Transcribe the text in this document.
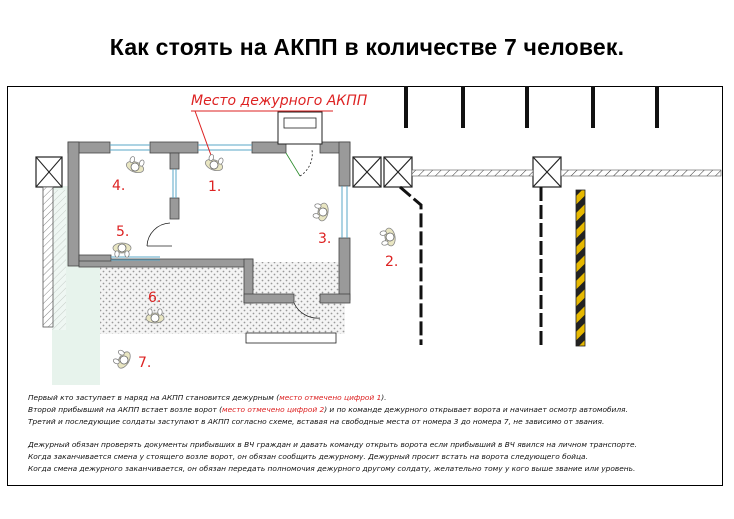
Как стоять на АКПП в количестве 7 человек.
1.
2.
3.
4.
5.
6.
7.
Место дежурного АКПП

Первый кто заступает в наряд на АКПП становится дежурным (место отмечено цифрой 1).

Второй прибывший на АКПП встает возле ворот (место отмечено цифрой 2) и по команде дежурного открывает ворота и начинает осмотр автомобиля.

Третий и последующие солдаты заступают в АКПП согласно схеме, вставая на свободные места от номера 3 до номера 7, не зависимо от звания.

Дежурный обязан проверять документы прибывших в ВЧ граждан и давать команду открыть ворота если прибывший в ВЧ явился на личном транспорте.

Когда заканчивается смена у стоящего возле ворот, он обязан сообщить дежурному. Дежурный просит встать на ворота следующего бойца.

Когда смена дежурного заканчивается, он обязан передать полномочия дежурного другому солдату, желательно тому у кого выше звание или уровень.
